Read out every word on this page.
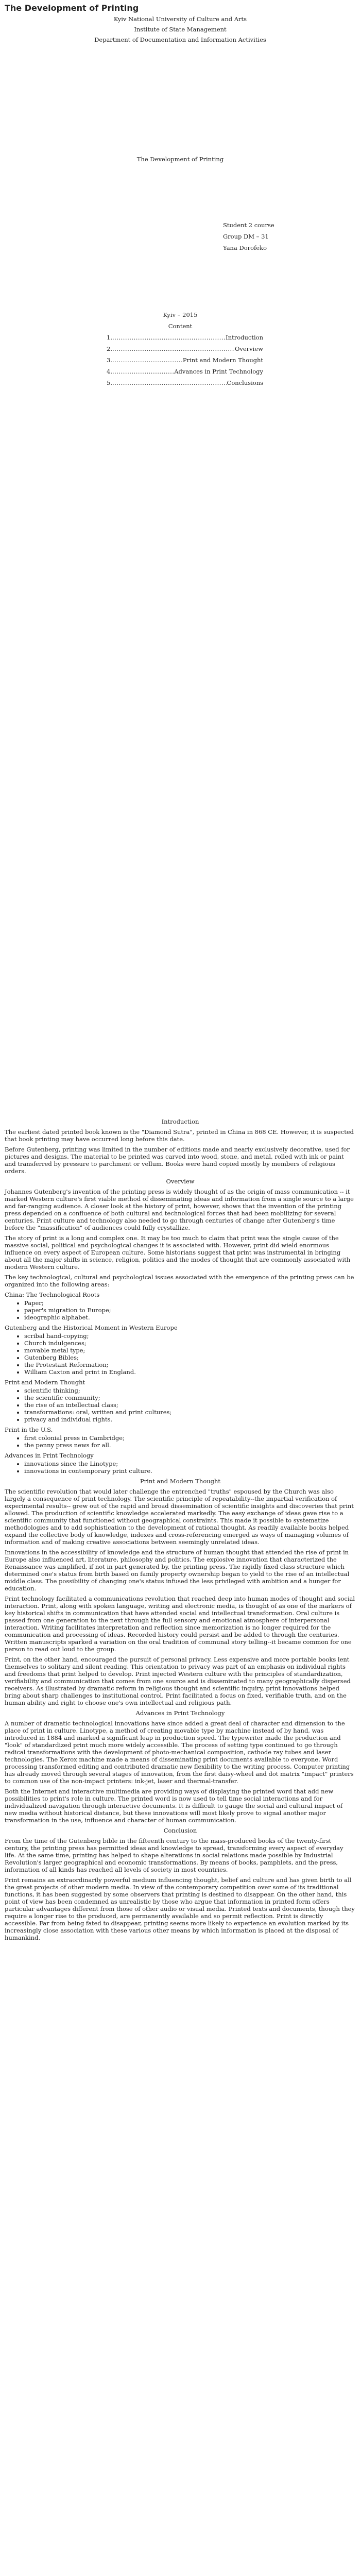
The Development of Printing

Kyiv National University of Culture and Arts

Institute of State Management

Department of Documentation and Information Activities

The Development of Printing

Student 2 course

Group DM – 31

Yana Dorofeko

Kyiv – 2015

Content

1. .....	Introduction
2. .....	Overview
3. .....	Print and Modern Thought
4. .....	Advances in Print Technology
5. .....	Conclusions

Introduction

The earliest dated printed book known is the "Diamond Sutra", printed in China in 868 CE. However, it is suspected that book printing may have occurred long before this date.

Before Gutenberg, printing was limited in the number of editions made and nearly exclusively decorative, used for pictures and designs. The material to be printed was carved into wood, stone, and metal, rolled with ink or paint and transferred by pressure to parchment or vellum. Books were hand copied mostly by members of religious orders.

Overview

Johannes Gutenberg's invention of the printing press is widely thought of as the origin of mass communication -- it marked Western culture's first viable method of disseminating ideas and information from a single source to a large and far-ranging audience. A closer look at the history of print, however, shows that the invention of the printing press depended on a confluence of both cultural and technological forces that had been mobilizing for several centuries. Print culture and technology also needed to go through centuries of change after Gutenberg's time before the "massification" of audiences could fully crystallize.

The story of print is a long and complex one. It may be too much to claim that print was the single cause of the massive social, political and psychological changes it is associated with. However, print did wield enormous influence on every aspect of European culture. Some historians suggest that print was instrumental in bringing about all the major shifts in science, religion, politics and the modes of thought that are commonly associated with modern Western culture.

The key technological, cultural and psychological issues associated with the emergence of the printing press can be organized into the following areas:

China: The Technological Roots

• Paper;
• paper's migration to Europe;
• ideographic alphabet.

Gutenberg and the Historical Moment in Western Europe

• scribal hand-copying;
• Church indulgences;
• movable metal type;
• Gutenberg Bibles;
• the Protestant Reformation;
• William Caxton and print in England.

Print and Modern Thought

• scientific thinking;
• the scientific community;
• the rise of an intellectual class;
• transformations: oral, written and print cultures;
• privacy and individual rights.

Print in the U.S.

• first colonial press in Cambridge;
• the penny press news for all.

Advances in Print Technology

• innovations since the Linotype;
• innovations in contemporary print culture.

Print and Modern Thought

The scientific revolution that would later challenge the entrenched "truths" espoused by the Church was also largely a consequence of print technology. The scientific principle of repeatability--the impartial verification of experimental results-- grew out of the rapid and broad dissemination of scientific insights and discoveries that print allowed. The production of scientific knowledge accelerated markedly. The easy exchange of ideas gave rise to a scientific community that functioned without geographical constraints. This made it possible to systematize methodologies and to add sophistication to the development of rational thought. As readily available books helped expand the collective body of knowledge, indexes and cross-referencing emerged as ways of managing volumes of information and of making creative associations between seemingly unrelated ideas.

Innovations in the accessibility of knowledge and the structure of human thought that attended the rise of print in Europe also influenced art, literature, philosophy and politics. The explosive innovation that characterized the Renaissance was amplified, if not in part generated by, the printing press. The rigidly fixed class structure which determined one's status from birth based on family property ownership began to yield to the rise of an intellectual middle class. The possibility of changing one's status infused the less privileged with ambition and a hunger for education.

Print technology facilitated a communications revolution that reached deep into human modes of thought and social interaction. Print, along with spoken language, writing and electronic media, is thought of as one of the markers of key historical shifts in communication that have attended social and intellectual transformation. Oral culture is passed from one generation to the next through the full sensory and emotional atmosphere of interpersonal interaction. Writing facilitates interpretation and reflection since memorization is no longer required for the communication and processing of ideas. Recorded history could persist and be added to through the centuries. Written manuscripts sparked a variation on the oral tradition of communal story telling--it became common for one person to read out loud to the group.

Print, on the other hand, encouraged the pursuit of personal privacy. Less expensive and more portable books lent themselves to solitary and silent reading. This orientation to privacy was part of an emphasis on individual rights and freedoms that print helped to develop. Print injected Western culture with the principles of standardization, verifiability and communication that comes from one source and is disseminated to many geographically dispersed receivers. As illustrated by dramatic reform in religious thought and scientific inquiry, print innovations helped bring about sharp challenges to institutional control. Print facilitated a focus on fixed, verifiable truth, and on the human ability and right to choose one's own intellectual and religious path.

Advances in Print Technology

A number of dramatic technological innovations have since added a great deal of character and dimension to the place of print in culture. Linotype, a method of creating movable type by machine instead of by hand, was introduced in 1884 and marked a significant leap in production speed. The typewriter made the production and "look" of standardized print much more widely accessible. The process of setting type continued to go through radical transformations with the development of photo-mechanical composition, cathode ray tubes and laser technologies. The Xerox machine made a means of disseminating print documents available to everyone. Word processing transformed editing and contributed dramatic new flexibility to the writing process. Computer printing has already moved through several stages of innovation, from the first daisy-wheel and dot matrix "impact" printers to common use of the non-impact printers: ink-jet, laser and thermal-transfer.

Both the Internet and interactive multimedia are providing ways of displaying the printed word that add new possibilities to print's role in culture. The printed word is now used to tell time social interactions and for individualized navigation through interactive documents. It is difficult to gauge the social and cultural impact of new media without historical distance, but these innovations will most likely prove to signal another major transformation in the use, influence and character of human communication.

Conclusion

From the time of the Gutenberg bible in the fifteenth century to the mass-produced books of the twenty-first century, the printing press has permitted ideas and knowledge to spread, transforming every aspect of everyday life. At the same time, printing has helped to shape alterations in social relations made possible by Industrial Revolution's larger geographical and economic transformations. By means of books, pamphlets, and the press, information of all kinds has reached all levels of society in most countries.

Print remains an extraordinarily powerful medium influencing thought, belief and culture and has given birth to all the great projects of other modern media. In view of the contemporary competition over some of its traditional functions, it has been suggested by some observers that printing is destined to disappear. On the other hand, this point of view has been condemned as unrealistic by those who argue that information in printed form offers particular advantages different from those of other audio or visual media. Printed texts and documents, though they require a longer rise to the produced, are permanently available and so permit reflection. Print is directly accessible. Far from being fated to disappear, printing seems more likely to experience an evolution marked by its increasingly close association with these various other means by which information is placed at the disposal of humankind.
